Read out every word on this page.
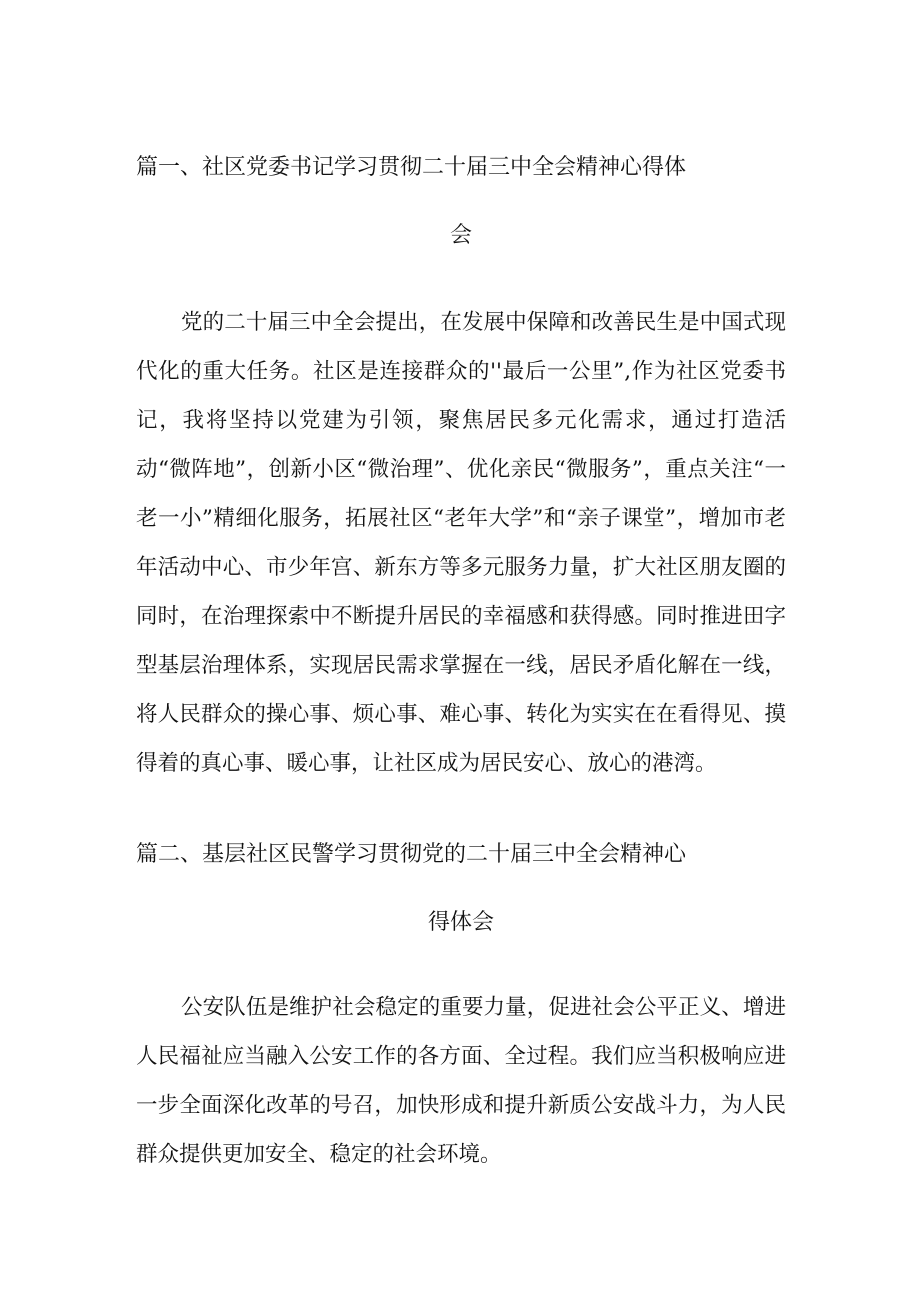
篇一、社区党委书记学习贯彻二十届三中全会精神心得体
会

党的二十届三中全会提出，在发展中保障和改善民生是中国式现代化的重大任务。社区是连接群众的''最后一公里”,作为社区党委书记，我将坚持以党建为引领，聚焦居民多元化需求，通过打造活动“微阵地”，创新小区“微治理”、优化亲民“微服务”，重点关注“一老一小”精细化服务，拓展社区“老年大学”和“亲子课堂”，增加市老年活动中心、市少年宫、新东方等多元服务力量，扩大社区朋友圈的同时，在治理探索中不断提升居民的幸福感和获得感。同时推进田字型基层治理体系，实现居民需求掌握在一线，居民矛盾化解在一线，将人民群众的操心事、烦心事、难心事、转化为实实在在看得见、摸得着的真心事、暖心事，让社区成为居民安心、放心的港湾。

篇二、基层社区民警学习贯彻党的二十届三中全会精神心
得体会

公安队伍是维护社会稳定的重要力量，促进社会公平正义、增进人民福祉应当融入公安工作的各方面、全过程。我们应当积极响应进一步全面深化改革的号召，加快形成和提升新质公安战斗力，为人民群众提供更加安全、稳定的社会环境。
